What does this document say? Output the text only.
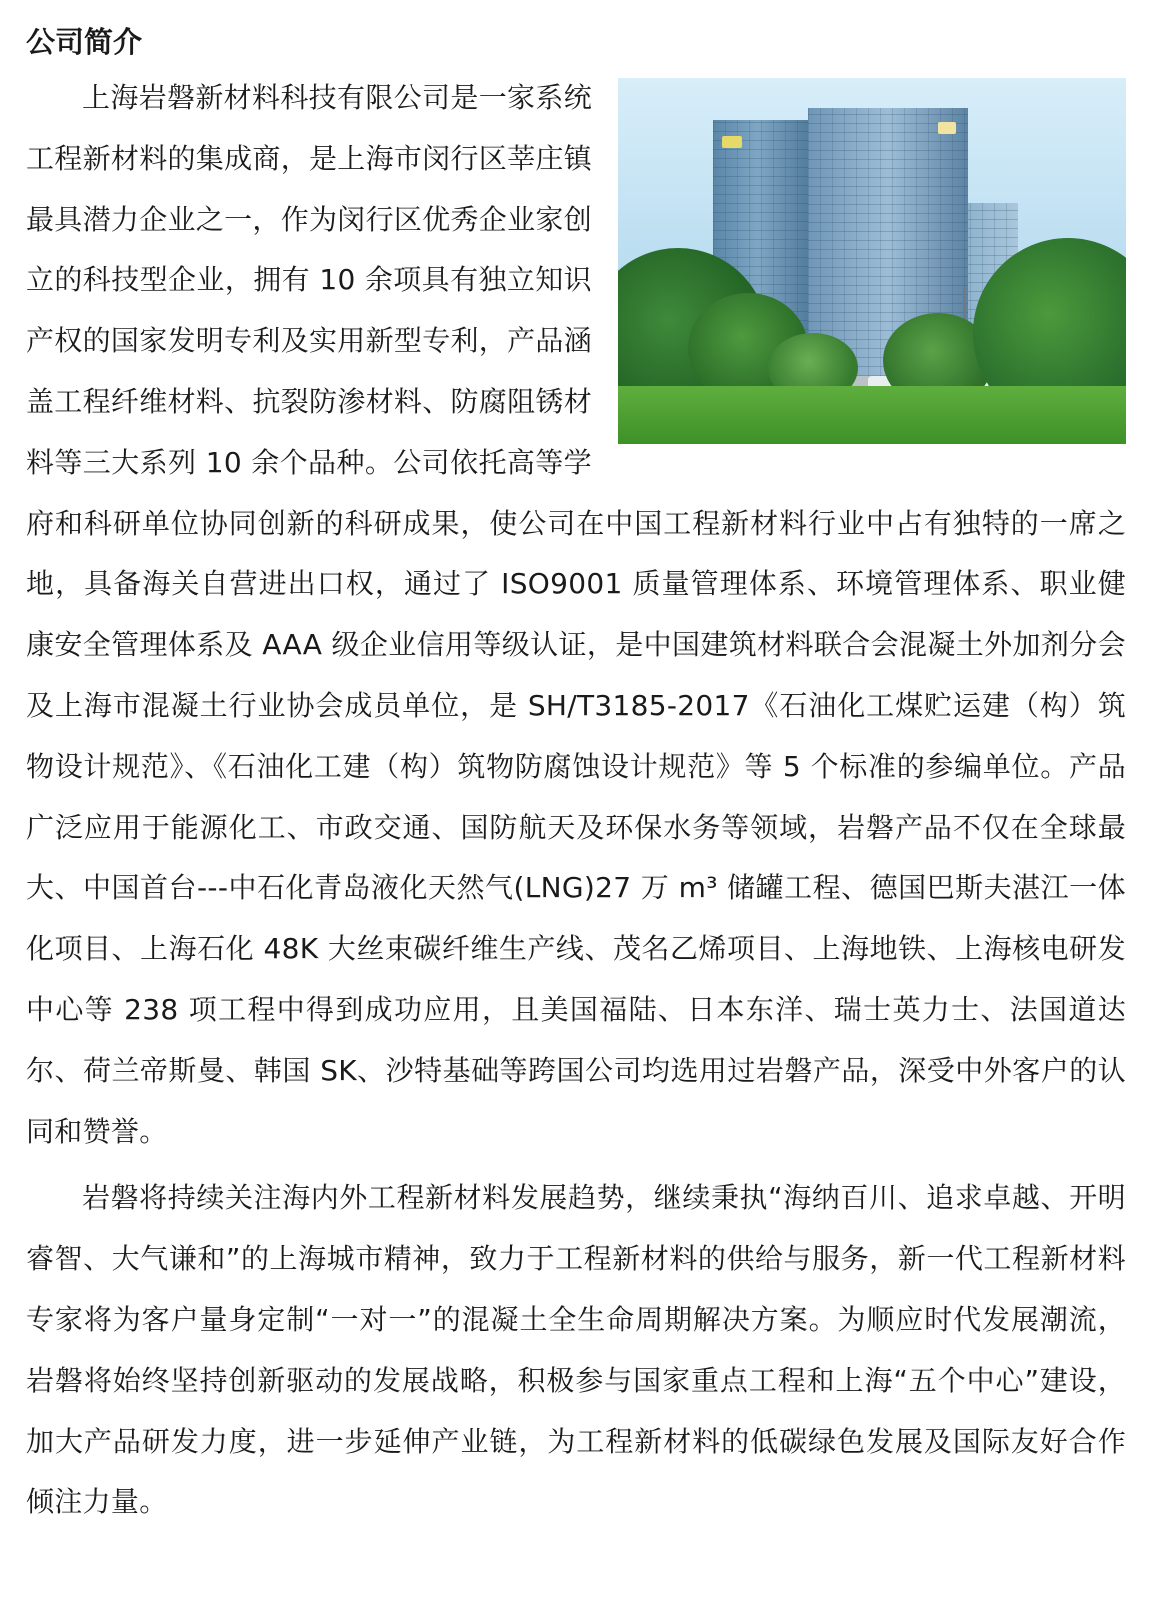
公司简介

上海岩磐新材料科技有限公司是一家系统工程新材料的集成商，是上海市闵行区莘庄镇最具潜力企业之一，作为闵行区优秀企业家创立的科技型企业，拥有 10 余项具有独立知识产权的国家发明专利及实用新型专利，产品涵盖工程纤维材料、抗裂防渗材料、防腐阻锈材料等三大系列 10 余个品种。公司依托高等学府和科研单位协同创新的科研成果，使公司在中国工程新材料行业中占有独特的一席之地，具备海关自营进出口权，通过了 ISO9001 质量管理体系、环境管理体系、职业健康安全管理体系及 AAA 级企业信用等级认证，是中国建筑材料联合会混凝土外加剂分会及上海市混凝土行业协会成员单位，是 SH/T3185-2017《石油化工煤贮运建（构）筑物设计规范》、《石油化工建（构）筑物防腐蚀设计规范》等 5 个标准的参编单位。产品广泛应用于能源化工、市政交通、国防航天及环保水务等领域，岩磐产品不仅在全球最大、中国首台---中石化青岛液化天然气(LNG)27 万 m³ 储罐工程、德国巴斯夫湛江一体化项目、上海石化 48K 大丝束碳纤维生产线、茂名乙烯项目、上海地铁、上海核电研发中心等 238 项工程中得到成功应用，且美国福陆、日本东洋、瑞士英力士、法国道达尔、荷兰帝斯曼、韩国 SK、沙特基础等跨国公司均选用过岩磐产品，深受中外客户的认同和赞誉。

岩磐将持续关注海内外工程新材料发展趋势，继续秉执“海纳百川、追求卓越、开明睿智、大气谦和”的上海城市精神，致力于工程新材料的供给与服务，新一代工程新材料专家将为客户量身定制“一对一”的混凝土全生命周期解决方案。为顺应时代发展潮流，岩磐将始终坚持创新驱动的发展战略，积极参与国家重点工程和上海“五个中心”建设，加大产品研发力度，进一步延伸产业链，为工程新材料的低碳绿色发展及国际友好合作倾注力量。
